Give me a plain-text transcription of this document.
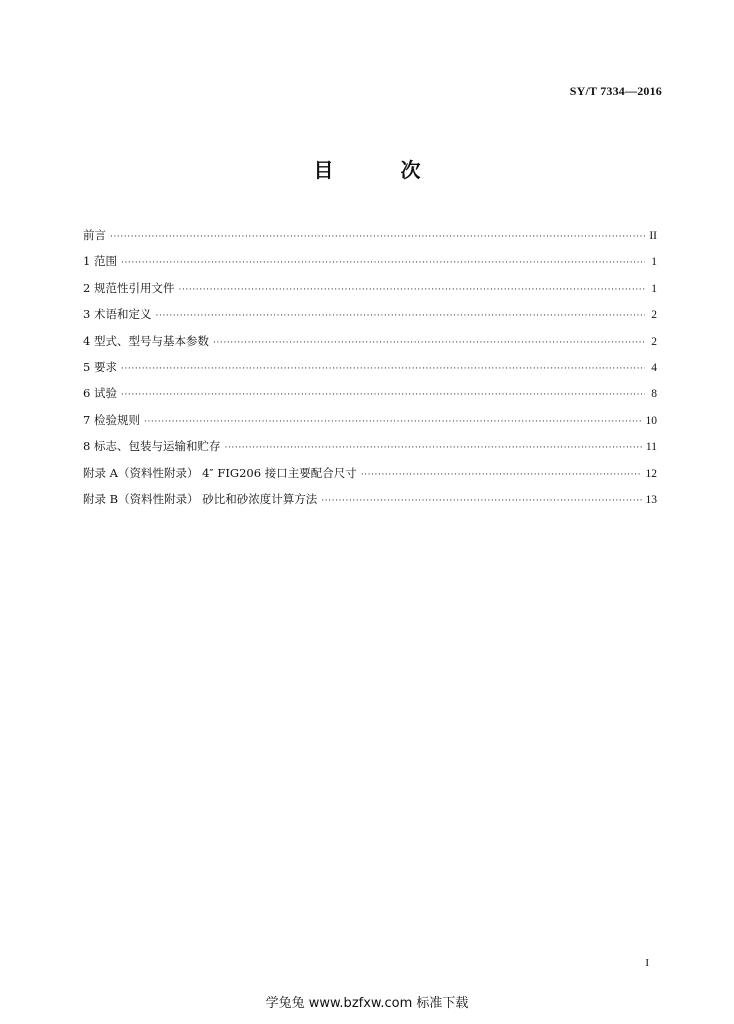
SY/T 7334—2016
目 次
前言 ·····	II
1 范围 ·····	1
2 规范性引用文件 ·····	1
3 术语和定义 ·····	2
4 型式、型号与基本参数 ·····	2
5 要求 ·····	4
6 试验 ·····	8
7 检验规则 ·····	10
8 标志、包装与运输和贮存 ·····	11
附录 A（资料性附录） 4″ FIG206 接口主要配合尺寸 ·····	12
附录 B（资料性附录） 砂比和砂浓度计算方法 ·····	13
I
学兔兔 www.bzfxw.com 标准下载
